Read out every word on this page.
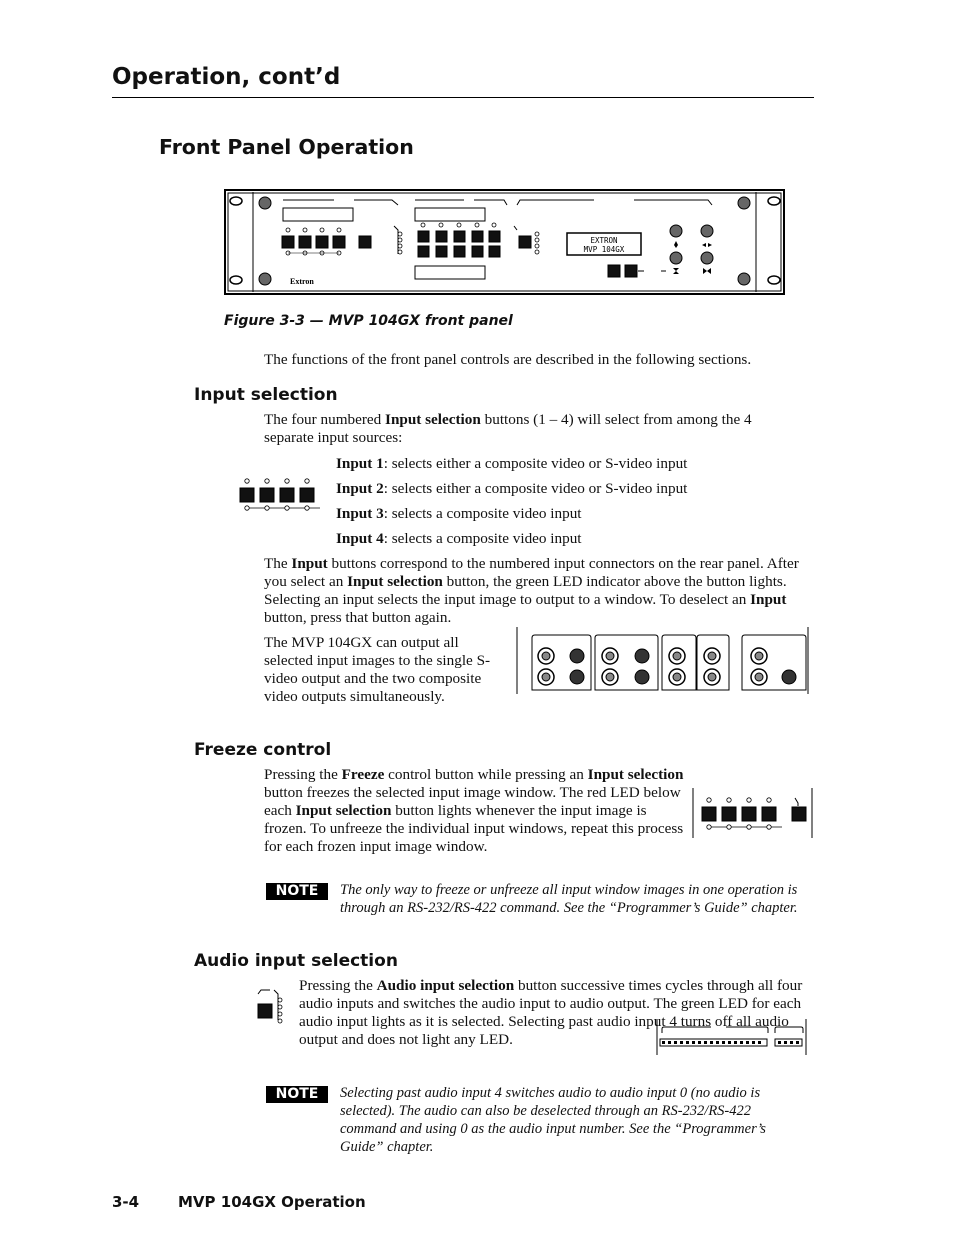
Operation, cont’d
Front Panel Operation
EXTRON
MVP 104GX
Extron
Figure 3-3 — MVP 104GX front panel
The functions of the front panel controls are described in the following sections.
Input selection
The four numbered Input selection buttons (1 – 4) will select from among the 4 separate input sources:
Input 1: selects either a composite video or S-video input
Input 2: selects either a composite video or S-video input
Input 3: selects a composite video input
Input 4: selects a composite video input
The Input buttons correspond to the numbered input connectors on the rear panel. After you select an Input selection button, the green LED indicator above the button lights. Selecting an input selects the input image to output to a window. To deselect an Input button, press that button again.
The MVP 104GX can output all selected input images to the single S-video output and the two composite video outputs simultaneously.
Freeze control
Pressing the Freeze control button while pressing an Input selection button freezes the selected input image window. The red LED below each Input selection button lights whenever the input image is frozen. To unfreeze the individual input windows, repeat this process for each frozen input image window.
NOTE	The only way to freeze or unfreeze all input window images in one operation is through an RS-232/RS-422 command. See the “Programmer’s Guide” chapter.
Audio input selection
Pressing the Audio input selection button successive times cycles through all four audio inputs and switches the audio input to audio output. The green LED for each audio input lights as it is selected. Selecting past audio input 4 turns off all audio output and does not light any LED.
NOTE	Selecting past audio input 4 switches audio to audio input 0 (no audio is selected). The audio can also be deselected through an RS-232/RS-422 command and using 0 as the audio input number. See the “Programmer’s Guide” chapter.
3-4	MVP 104GX Operation
